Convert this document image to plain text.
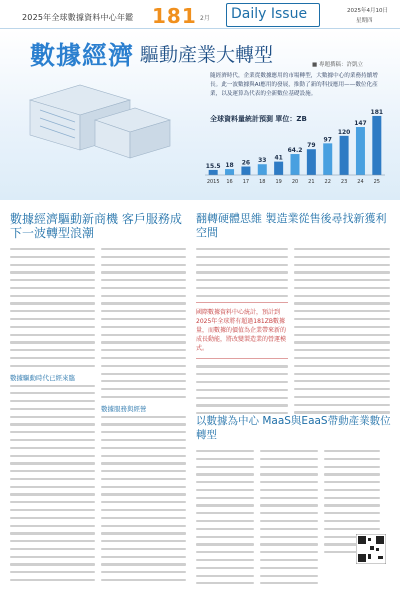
2025年全球數據資料中心年鑑 181 2月 Daily Issue	2025年4月10日
星期四
15.5
2015
18
16
26
17
33
18
41
19
64.2
20
79
21
97
22
120
23
147
24
181
25
數據經濟 驅動產業大轉型	■ 專題撰稿：許凱立
隨經濟時代，企業從數據應用的市場轉型，大數據中心的業務持續增長。此一波數據與AI應用的發展，推動了新的科技應用——數位化產業，以及運算為代表的全新數位基礎設施。
全球資料量統計預測 單位：ZB
數據經濟驅動新商機 客戶服務成下一波轉型浪潮
數據驅動時代已經來臨
數據服務與經營
翻轉硬體思維 製造業從售後尋找新獲利空間
國際數據資料中心統計，預計到2025年全球將有超過181ZB數據量，而數據的價值為企業帶來新的成長動能，將改變製造業的營運模式。
以數據為中心 MaaS與EaaS帶動產業數位轉型
